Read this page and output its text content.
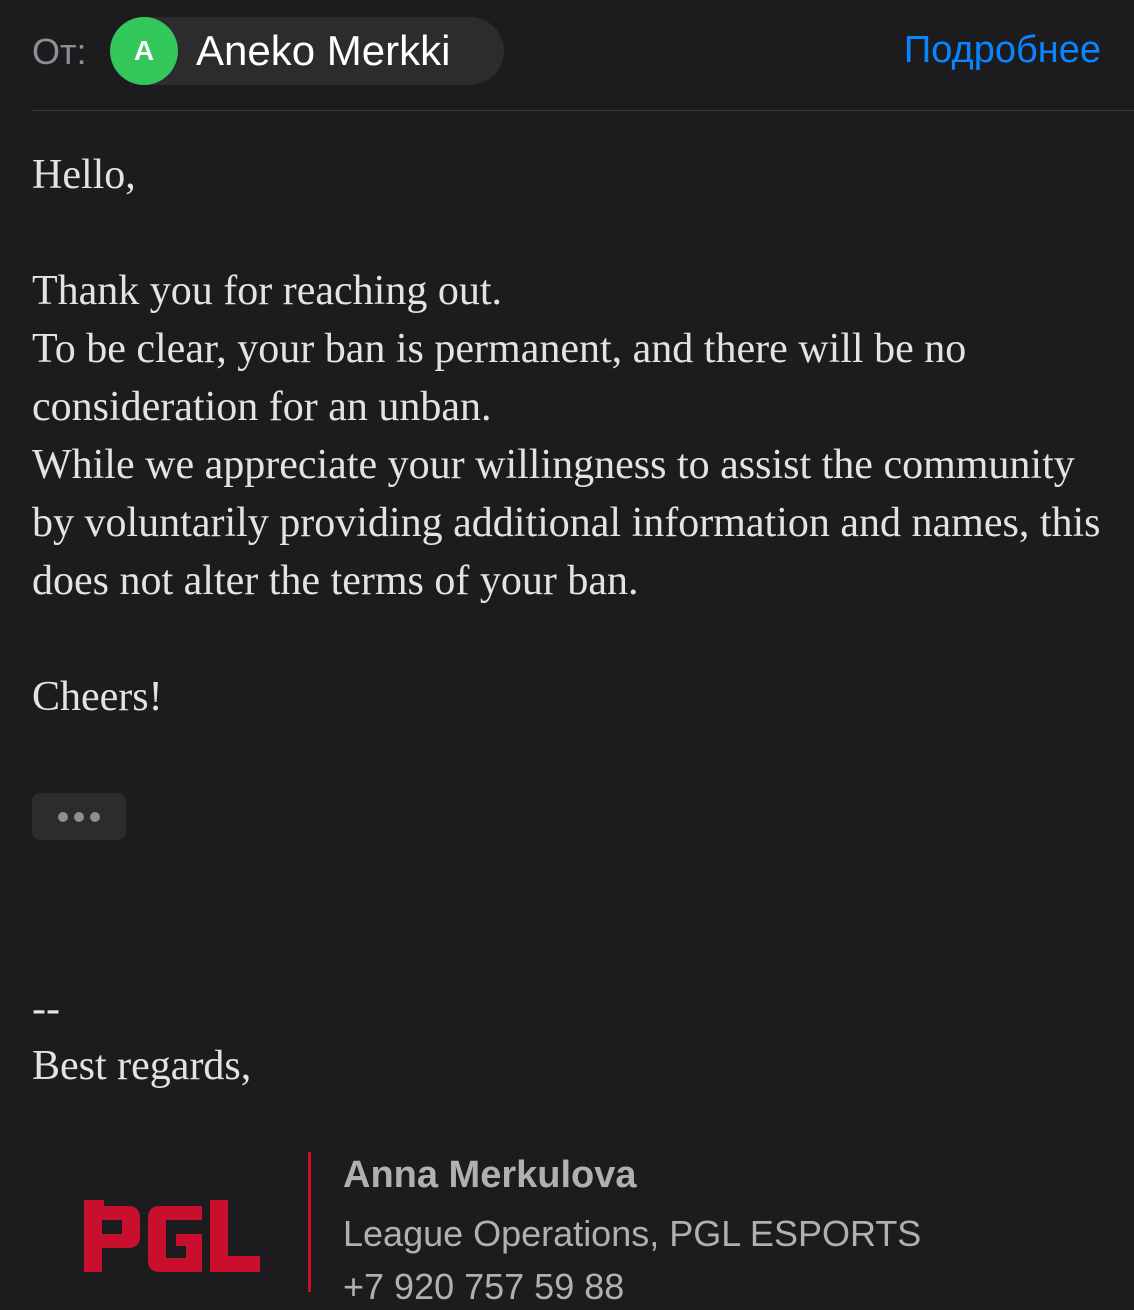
От:	A Aneko Merkki	Подробнее

Hello,

Thank you for reaching out.

To be clear, your ban is permanent, and there will be no consideration for an unban.

While we appreciate your willingness to assist the community by voluntarily providing additional information and names, this does not alter the terms of your ban.

Cheers!

--

Best regards,

Anna Merkulova
League Operations, PGL ESPORTS
+7 920 757 59 88
